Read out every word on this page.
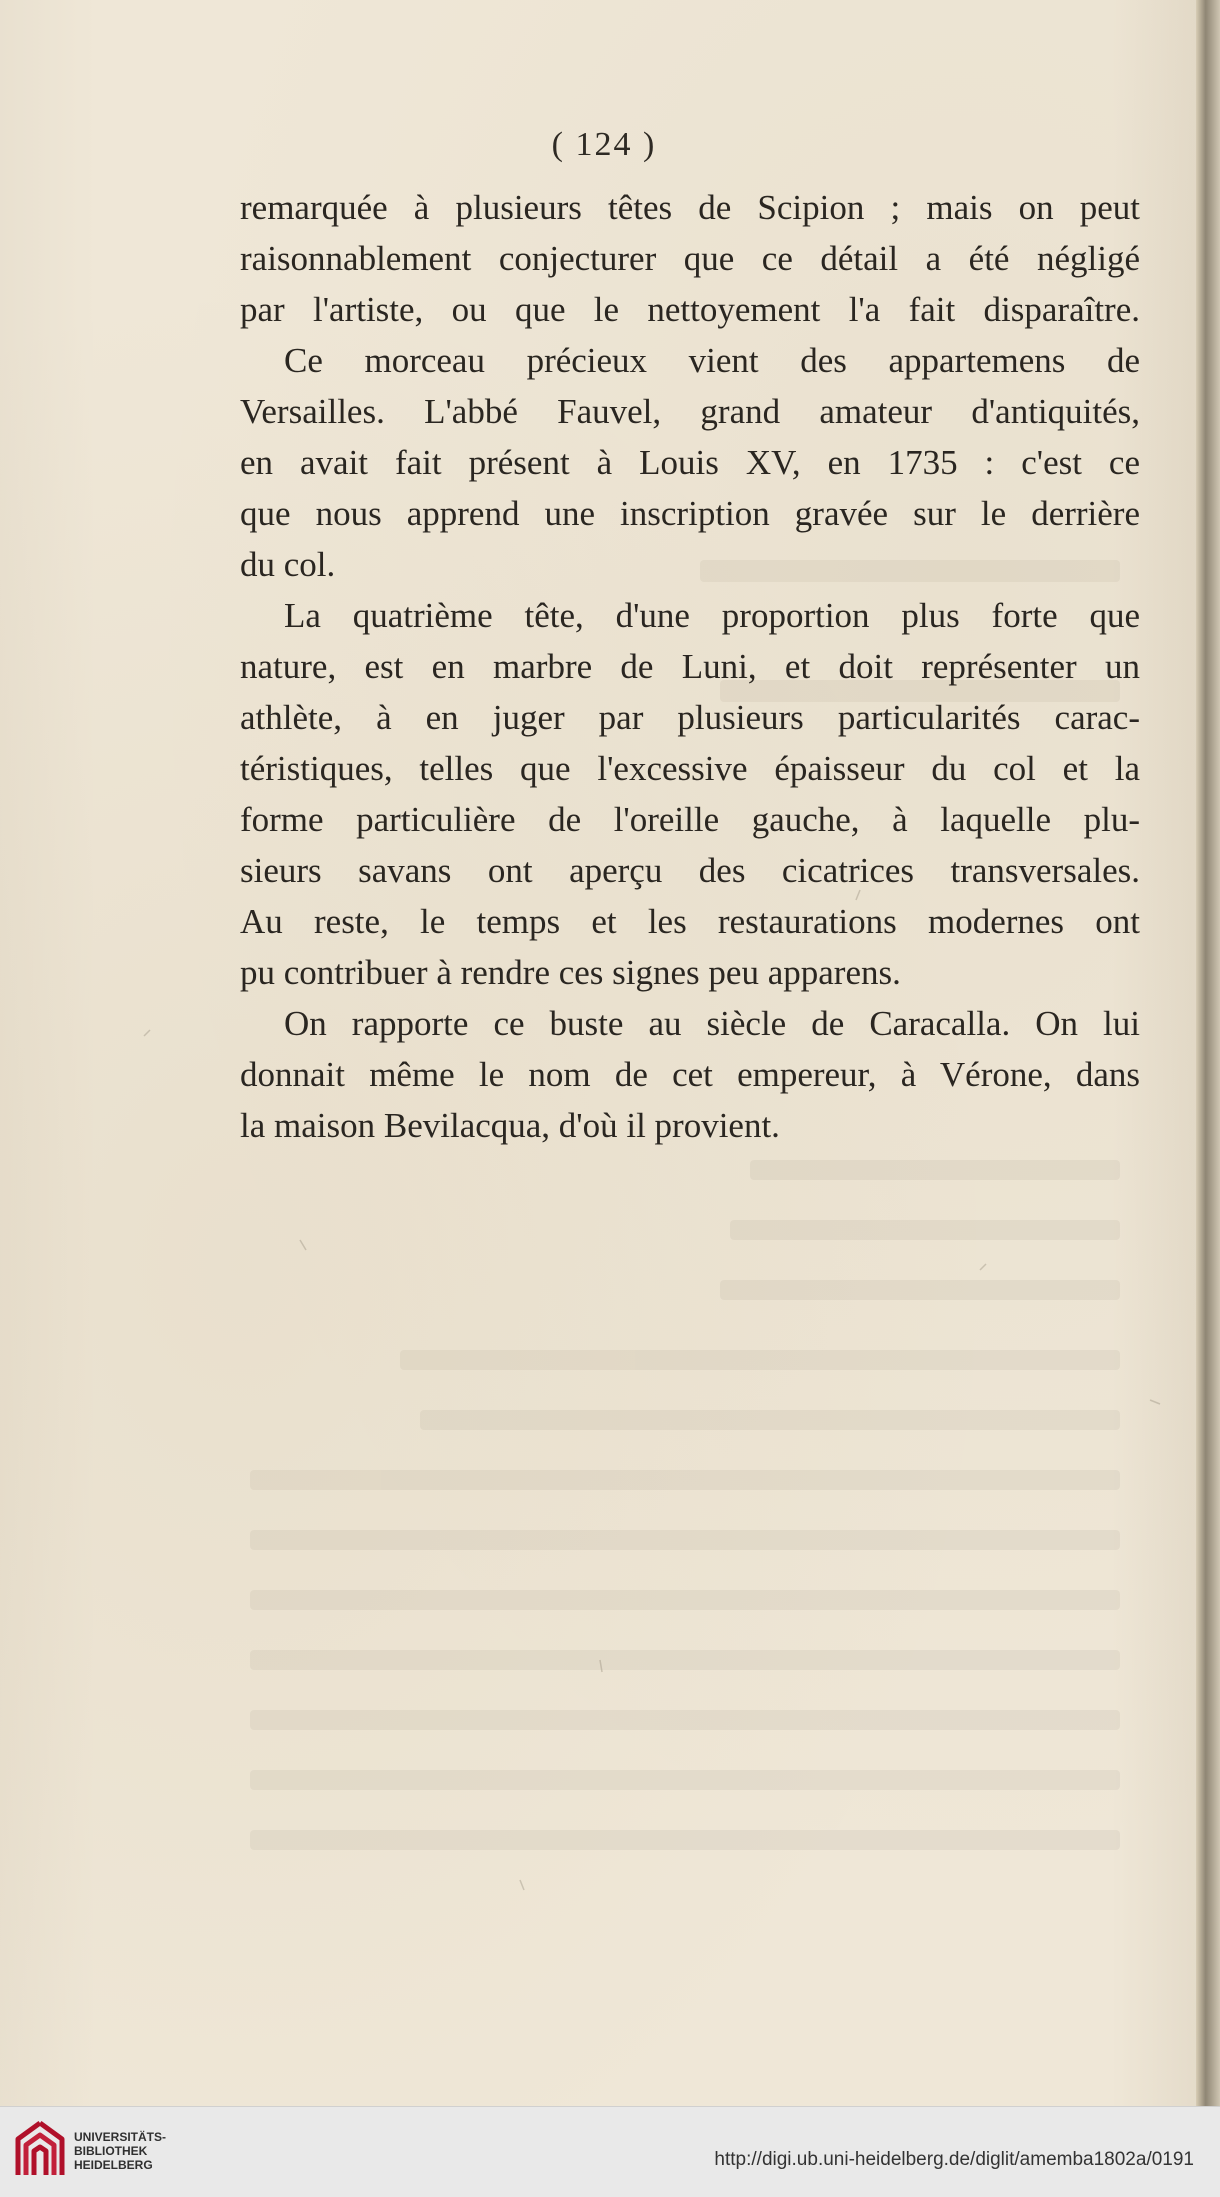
( 124 )
remarquée à plusieurs têtes de Scipion ; mais on peut
raisonnablement conjecturer que ce détail a été négligé
par l'artiste, ou que le nettoyement l'a fait disparaître.
Ce morceau précieux vient des appartemens de
Versailles. L'abbé Fauvel, grand amateur d'antiquités,
en avait fait présent à Louis XV, en 1735 : c'est ce
que nous apprend une inscription gravée sur le derrière
du col.
La quatrième tête, d'une proportion plus forte que
nature, est en marbre de Luni, et doit représenter un
athlète, à en juger par plusieurs particularités carac-
téristiques, telles que l'excessive épaisseur du col et la
forme particulière de l'oreille gauche, à laquelle plu-
sieurs savans ont aperçu des cicatrices transversales.
Au reste, le temps et les restaurations modernes ont
pu contribuer à rendre ces signes peu apparens.
On rapporte ce buste au siècle de Caracalla. On lui
donnait même le nom de cet empereur, à Vérone, dans
la maison Bevilacqua, d'où il provient.
UNIVERSITÄTS-
BIBLIOTHEK
HEIDELBERG	http://digi.ub.uni-heidelberg.de/diglit/amemba1802a/0191
